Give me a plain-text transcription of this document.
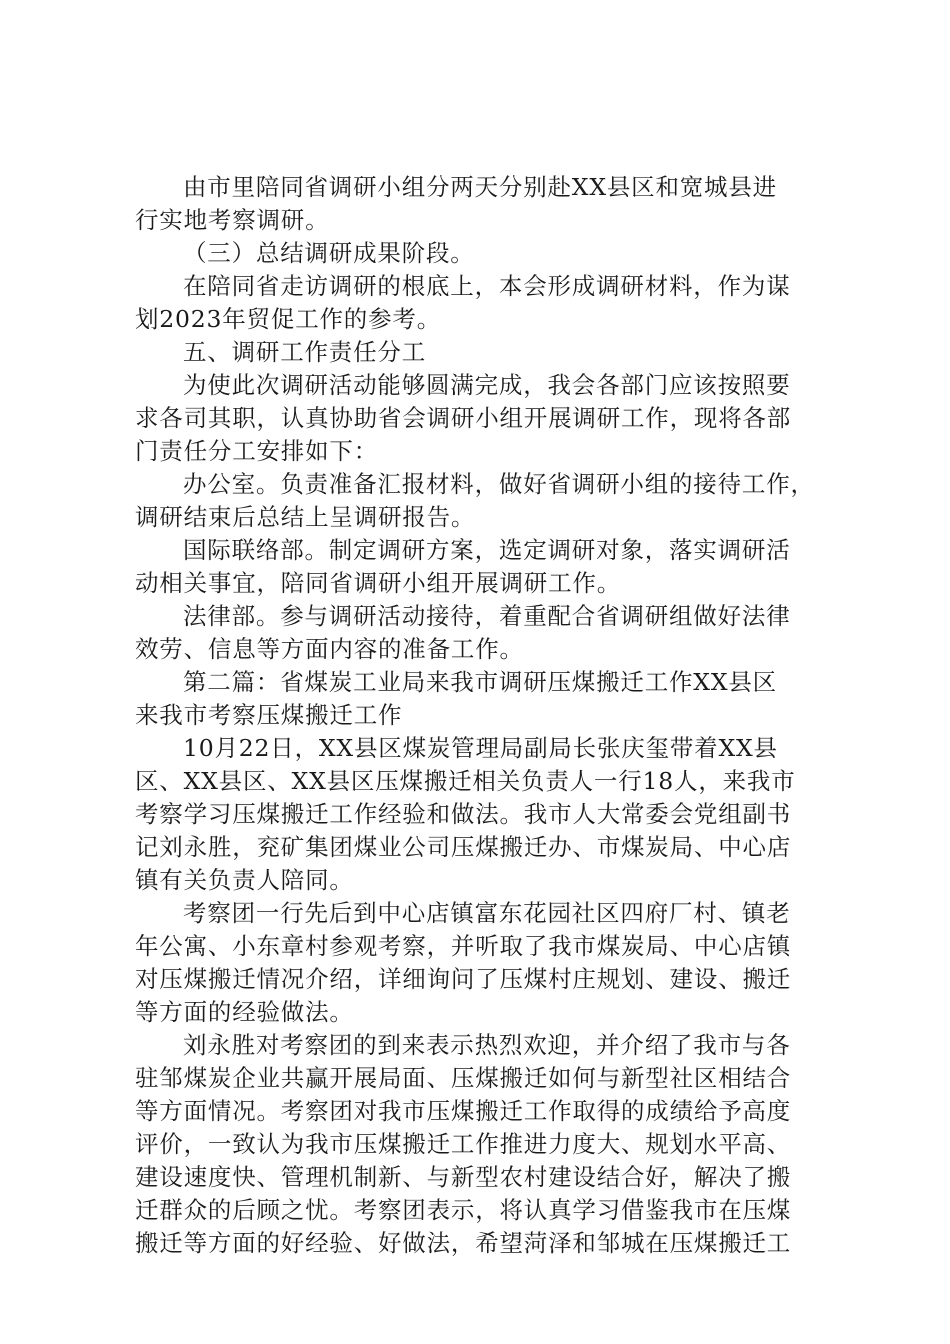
由市里陪同省调研小组分两天分别赴XX县区和宽城县进
行实地考察调研。
（三）总结调研成果阶段。
在陪同省走访调研的根底上，本会形成调研材料，作为谋
划2023年贸促工作的参考。
五、调研工作责任分工
为使此次调研活动能够圆满完成，我会各部门应该按照要
求各司其职，认真协助省会调研小组开展调研工作，现将各部
门责任分工安排如下：
办公室。负责准备汇报材料，做好省调研小组的接待工作，
调研结束后总结上呈调研报告。
国际联络部。制定调研方案，选定调研对象，落实调研活
动相关事宜，陪同省调研小组开展调研工作。
法律部。参与调研活动接待，着重配合省调研组做好法律
效劳、信息等方面内容的准备工作。
第二篇：省煤炭工业局来我市调研压煤搬迁工作XX县区
来我市考察压煤搬迁工作
10月22日，XX县区煤炭管理局副局长张庆玺带着XX县
区、XX县区、XX县区压煤搬迁相关负责人一行18人，来我市
考察学习压煤搬迁工作经验和做法。我市人大常委会党组副书
记刘永胜，兖矿集团煤业公司压煤搬迁办、市煤炭局、中心店
镇有关负责人陪同。
考察团一行先后到中心店镇富东花园社区四府厂村、镇老
年公寓、小东章村参观考察，并听取了我市煤炭局、中心店镇
对压煤搬迁情况介绍，详细询问了压煤村庄规划、建设、搬迁
等方面的经验做法。
刘永胜对考察团的到来表示热烈欢迎，并介绍了我市与各
驻邹煤炭企业共赢开展局面、压煤搬迁如何与新型社区相结合
等方面情况。考察团对我市压煤搬迁工作取得的成绩给予高度
评价，一致认为我市压煤搬迁工作推进力度大、规划水平高、
建设速度快、管理机制新、与新型农村建设结合好，解决了搬
迁群众的后顾之忧。考察团表示，将认真学习借鉴我市在压煤
搬迁等方面的好经验、好做法，希望菏泽和邹城在压煤搬迁工
